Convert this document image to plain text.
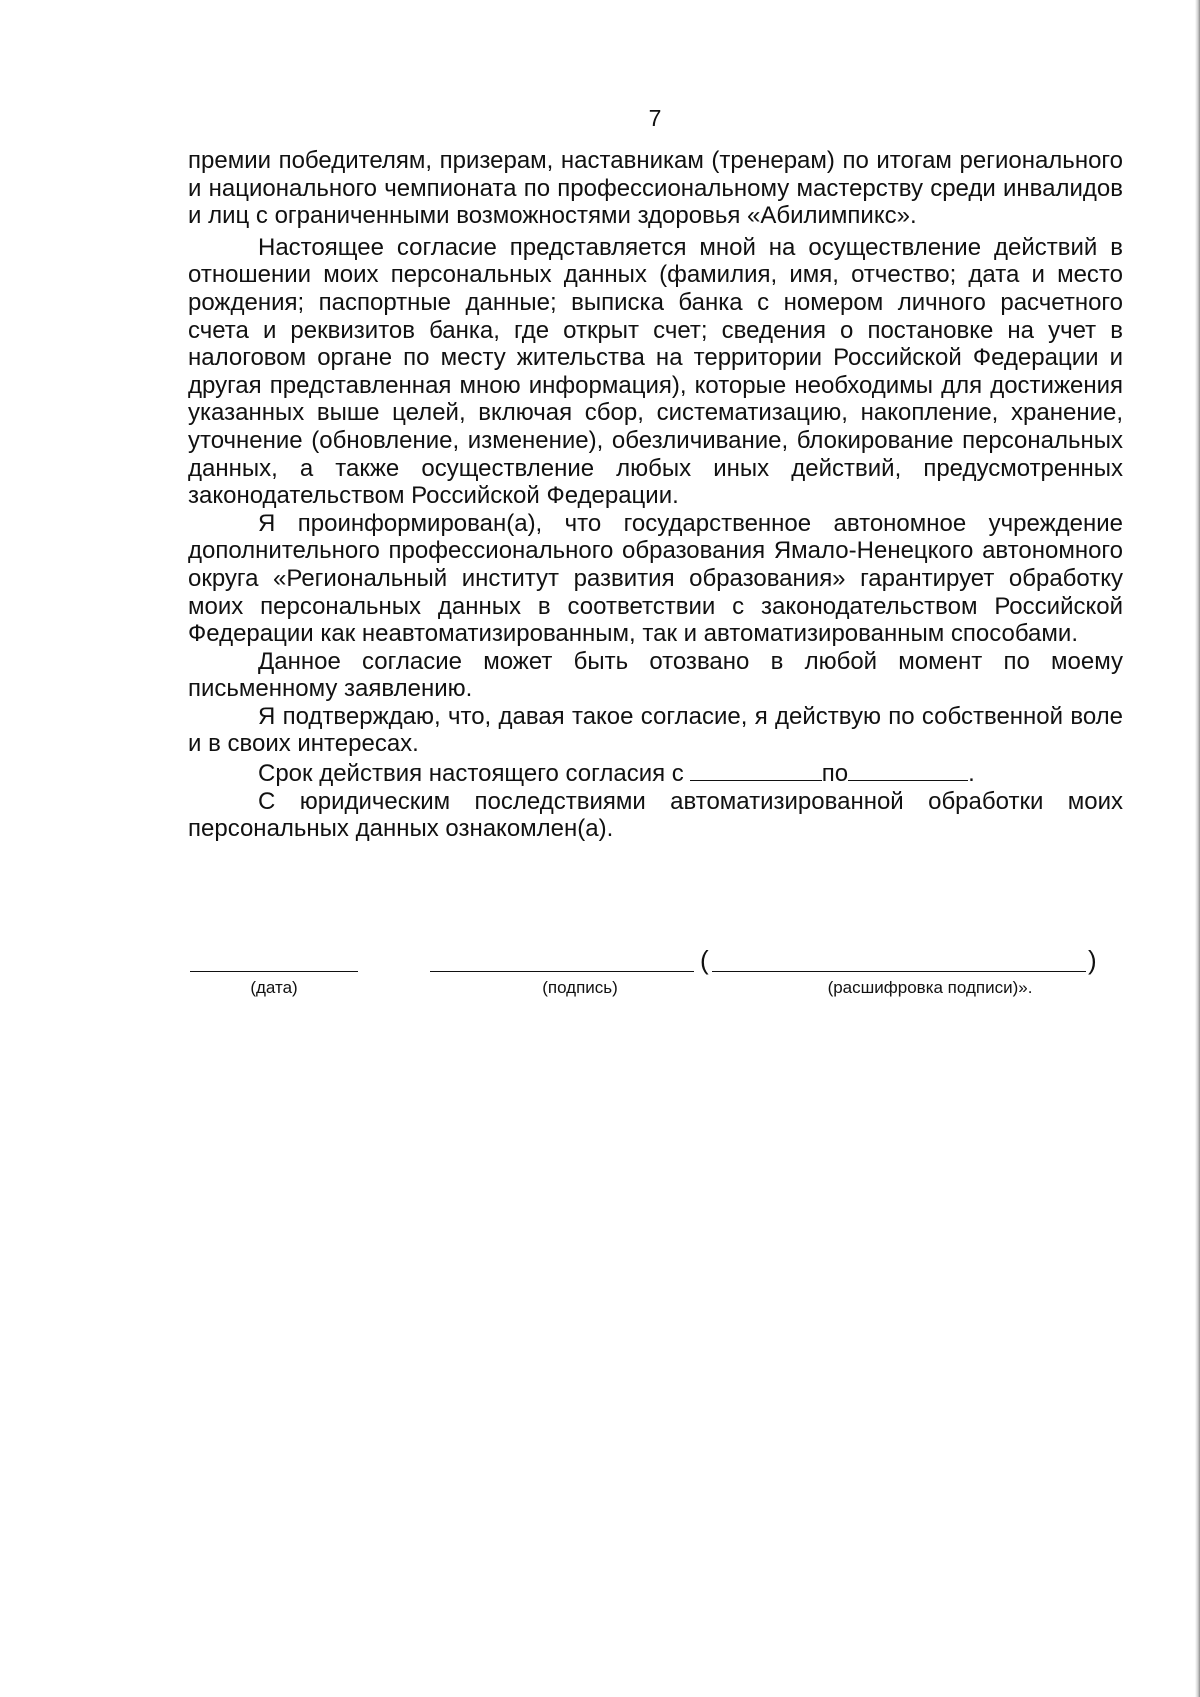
7

премии победителям, призерам, наставникам (тренерам) по итогам регионального и национального чемпионата по профессиональному мастерству среди инвалидов и лиц с ограниченными возможностями здоровья «Абилимпикс».

Настоящее согласие представляется мной на осуществление действий в отношении моих персональных данных (фамилия, имя, отчество; дата и место рождения; паспортные данные; выписка банка с номером личного расчетного счета и реквизитов банка, где открыт счет; сведения о постановке на учет в налоговом органе по месту жительства на территории Российской Федерации и другая представленная мною информация), которые необходимы для достижения указанных выше целей, включая сбор, систематизацию, накопление, хранение, уточнение (обновление, изменение), обезличивание, блокирование персональных данных, а также осуществление любых иных действий, предусмотренных законодательством Российской Федерации.

Я проинформирован(а), что государственное автономное учреждение дополнительного профессионального образования Ямало-Ненецкого автономного округа «Региональный институт развития образования» гарантирует обработку моих персональных данных в соответствии с законодательством Российской Федерации как неавтоматизированным, так и автоматизированным способами.

Данное согласие может быть отозвано в любой момент по моему письменному заявлению.

Я подтверждаю, что, давая такое согласие, я действую по собственной воле и в своих интересах.

Срок действия настоящего согласия с	по	.

С юридическим последствиями автоматизированной обработки моих персональных данных ознакомлен(а).

(дата)	(подпись)
(	)
(расшифровка подписи)».
